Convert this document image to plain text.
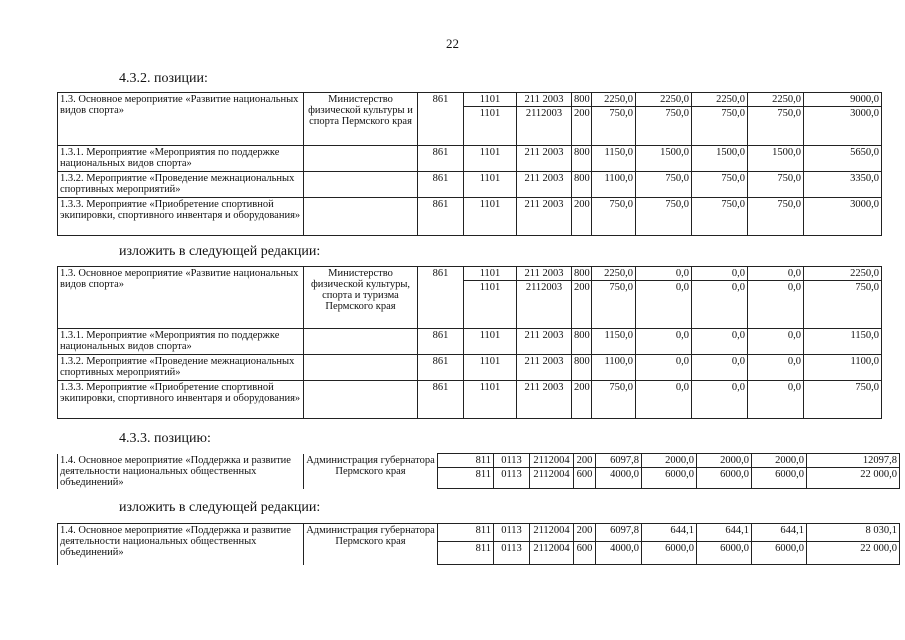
22
4.3.2. позиции:
1.3. Основное мероприятие «Развитие национальных видов спорта»	Министерство физической культуры и спорта Пермского края	861	1101	211 2003	800	2250,0	2250,0	2250,0	2250,0	9000,0
			1101	2112003	200	750,0	750,0	750,0	750,0	3000,0
1.3.1. Мероприятие «Мероприятия по поддержке национальных видов спорта»		861	1101	211 2003	800	1150,0	1500,0	1500,0	1500,0	5650,0
1.3.2. Мероприятие «Проведение межнациональных спортивных мероприятий»		861	1101	211 2003	800	1100,0	750,0	750,0	750,0	3350,0
1.3.3. Мероприятие «Приобретение спортивной экипировки, спортивного инвентаря и оборудования»		861	1101	211 2003	200	750,0	750,0	750,0	750,0	3000,0
изложить в следующей редакции:
1.3. Основное мероприятие «Развитие национальных видов спорта»	Министерство физической культуры, спорта и туризма Пермского края	861	1101	211 2003	800	2250,0	0,0	0,0	0,0	2250,0
			1101	2112003	200	750,0	0,0	0,0	0,0	750,0
1.3.1. Мероприятие «Мероприятия по поддержке национальных видов спорта»		861	1101	211 2003	800	1150,0	0,0	0,0	0,0	1150,0
1.3.2. Мероприятие «Проведение межнациональных спортивных мероприятий»		861	1101	211 2003	800	1100,0	0,0	0,0	0,0	1100,0
1.3.3. Мероприятие «Приобретение спортивной экипировки, спортивного инвентаря и оборудования»		861	1101	211 2003	200	750,0	0,0	0,0	0,0	750,0
4.3.3. позицию:
1.4. Основное мероприятие «Поддержка и развитие деятельности национальных общественных объединений»	Администрация губернатора Пермского края	811	0113	2112004	200	6097,8	2000,0	2000,0	2000,0	12097,8
		811	0113	2112004	600	4000,0	6000,0	6000,0	6000,0	22 000,0
изложить в следующей редакции:
1.4. Основное мероприятие «Поддержка и развитие деятельности национальных общественных объединений»	Администрация губернатора Пермского края	811	0113	2112004	200	6097,8	644,1	644,1	644,1	8 030,1
		811	0113	2112004	600	4000,0	6000,0	6000,0	6000,0	22 000,0
